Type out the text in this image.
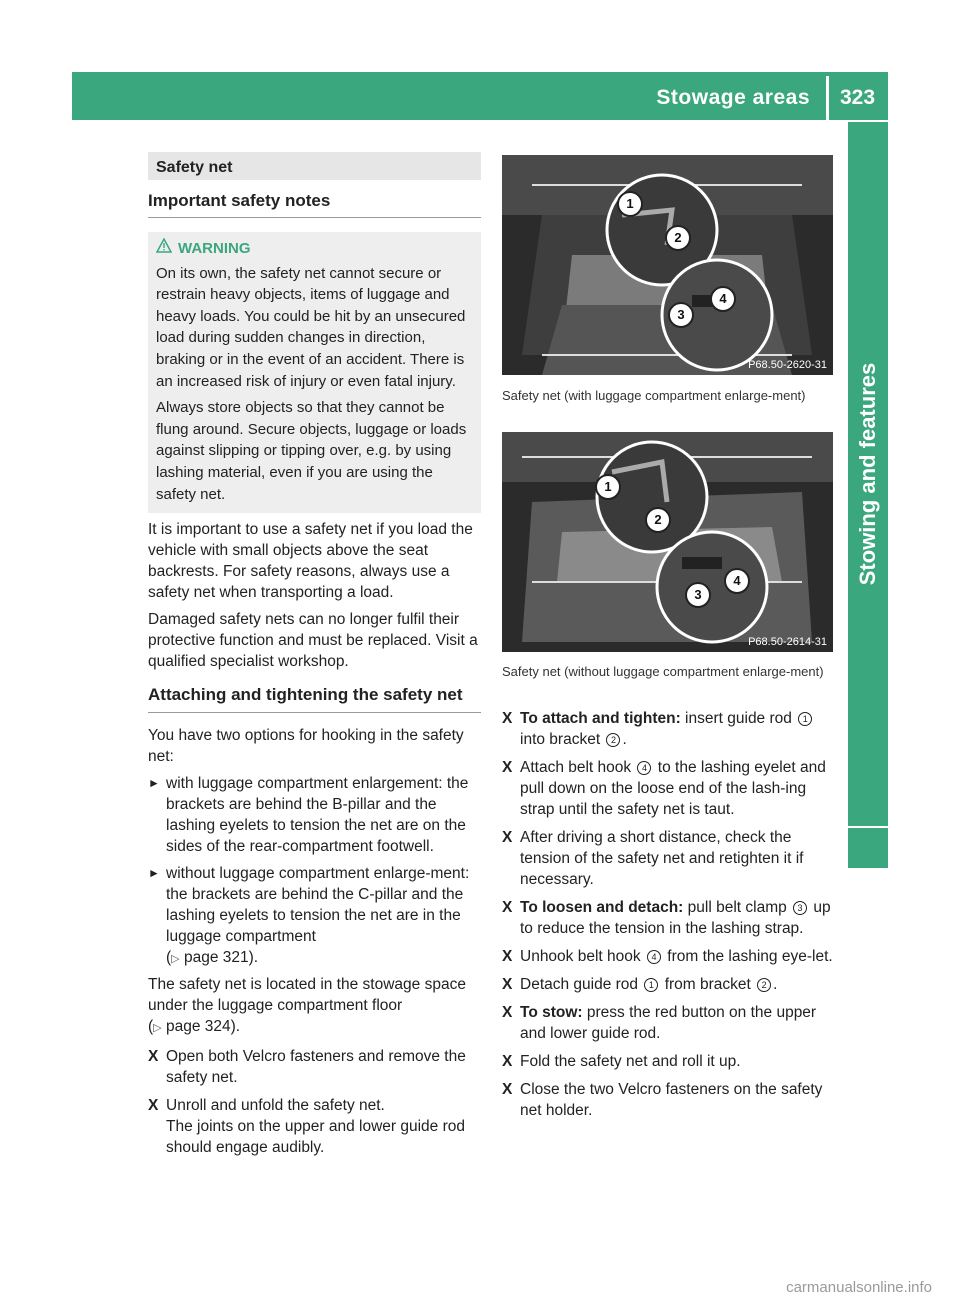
Stowage areas 323
Stowing and features
Safety net
Important safety notes
WARNING

On its own, the safety net cannot secure or restrain heavy objects, items of luggage and heavy loads. You could be hit by an unsecured load during sudden changes in direction, braking or in the event of an accident. There is an increased risk of injury or even fatal injury.

Always store objects so that they cannot be flung around. Secure objects, luggage or loads against slipping or tipping over, e.g. by using lashing material, even if you are using the safety net.

It is important to use a safety net if you load the vehicle with small objects above the seat backrests. For safety reasons, always use a safety net when transporting a load.

Damaged safety nets can no longer fulfil their protective function and must be replaced. Visit a qualified specialist workshop.

Attaching and tightening the safety net

You have two options for hooking in the safety net:

► with luggage compartment enlargement: the brackets are behind the B-pillar and the lashing eyelets to tension the net are on the sides of the rear-compartment footwell.
► without luggage compartment enlarge-ment: the brackets are behind the C-pillar and the lashing eyelets to tension the net are in the luggage compartment
(▷ page 321).

The safety net is located in the stowage space under the luggage compartment floor
(▷ page 324).

X Open both Velcro fasteners and remove the safety net.
X Unroll and unfold the safety net.
The joints on the upper and lower guide rod should engage audibly.
1
2
3
4
P68.50-2620-31
Safety net (with luggage compartment enlarge-ment)
1
2
3
4
P68.50-2614-31
Safety net (without luggage compartment enlarge-ment)
X To attach and tighten: insert guide rod 1 into bracket 2 .
X Attach belt hook 4 to the lashing eyelet and pull down on the loose end of the lash-ing strap until the safety net is taut.
X After driving a short distance, check the tension of the safety net and retighten it if necessary.
X To loosen and detach: pull belt clamp 3 up to reduce the tension in the lashing strap.
X Unhook belt hook 4 from the lashing eye-let.
X Detach guide rod 1 from bracket 2 .
X To stow: press the red button on the upper and lower guide rod.
X Fold the safety net and roll it up.
X Close the two Velcro fasteners on the safety net holder.
carmanualsonline.info
